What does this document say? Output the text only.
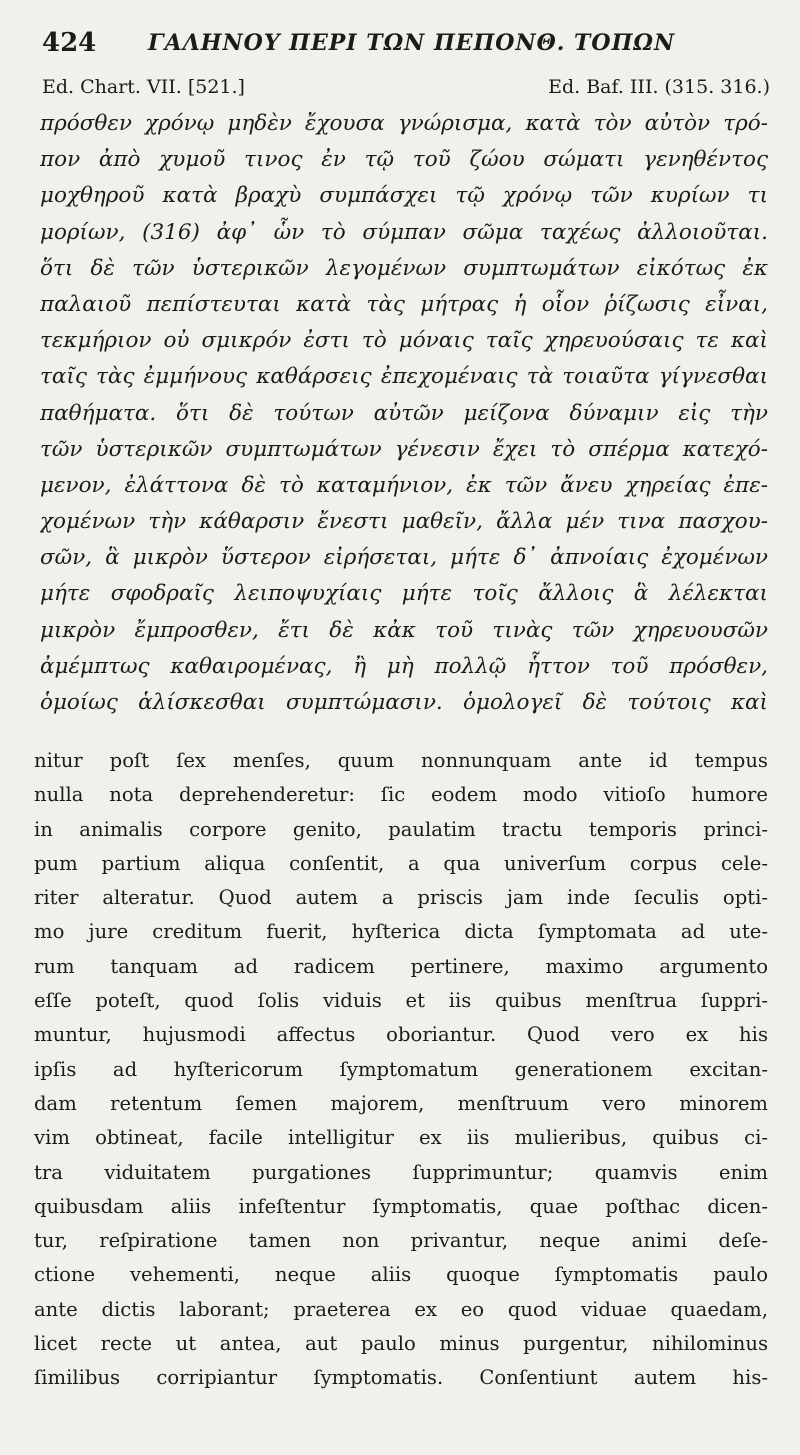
424 ΓΑΛΗΝΟΥ ΠΕΡΙ ΤΩΝ ΠΕΠΟΝΘ. ΤΟΠΩΝ
Ed. Chart. VII. [521.]	Ed. Baf. III. (315. 316.)
πρόσθεν χρόνῳ μηδὲν ἔχουσα γνώρισμα, κατὰ τὸν αὐτὸν τρό-
πον ἀπὸ χυμοῦ τινος ἐν τῷ τοῦ ζώου σώματι γενηθέντος
μοχθηροῦ κατὰ βραχὺ συμπάσχει τῷ χρόνῳ τῶν κυρίων τι
μορίων, (316) ἀφ᾽ ὧν τὸ σύμπαν σῶμα ταχέως ἀλλοιοῦται.
ὅτι δὲ τῶν ὑστερικῶν λεγομένων συμπτωμάτων εἰκότως ἐκ
παλαιοῦ πεπίστευται κατὰ τὰς μήτρας ἡ οἷον ῥίζωσις εἶναι,
τεκμήριον οὐ σμικρόν ἐστι τὸ μόναις ταῖς χηρευούσαις τε καὶ
ταῖς τὰς ἐμμήνους καθάρσεις ἐπεχομέναις τὰ τοιαῦτα γίγνεσθαι
παθήματα. ὅτι δὲ τούτων αὐτῶν μείζονα δύναμιν εἰς τὴν
τῶν ὑστερικῶν συμπτωμάτων γένεσιν ἔχει τὸ σπέρμα κατεχό-
μενον, ἐλάττονα δὲ τὸ καταμήνιον, ἐκ τῶν ἄνευ χηρείας ἐπε-
χομένων τὴν κάθαρσιν ἔνεστι μαθεῖν, ἄλλα μέν τινα πασχου-
σῶν, ἃ μικρὸν ὕστερον εἰρήσεται, μήτε δ᾽ ἀπνοίαις ἐχομένων
μήτε σφοδραῖς λειποψυχίαις μήτε τοῖς ἄλλοις ἃ λέλεκται
μικρὸν ἔμπροσθεν, ἔτι δὲ κἀκ τοῦ τινὰς τῶν χηρευουσῶν
ἀμέμπτως καθαιρομένας, ἢ μὴ πολλῷ ἧττον τοῦ πρόσθεν,
ὁμοίως ἁλίσκεσθαι συμπτώμασιν. ὁμολογεῖ δὲ τούτοις καὶ
nitur poſt ſex menſes, quum nonnunquam ante id tempus
nulla nota deprehenderetur: ſic eodem modo vitioſo humore
in animalis corpore genito, paulatim tractu temporis princi-
pum partium aliqua conſentit, a qua univerſum corpus cele-
riter alteratur. Quod autem a priscis jam inde ſeculis opti-
mo jure creditum fuerit, hyſterica dicta ſymptomata ad ute-
rum tanquam ad radicem pertinere, maximo argumento
eſſe poteſt, quod ſolis viduis et iis quibus menſtrua ſuppri-
muntur, hujusmodi affectus oboriantur. Quod vero ex his
ipſis ad hyſtericorum ſymptomatum generationem excitan-
dam retentum ſemen majorem, menſtruum vero minorem
vim obtineat, facile intelligitur ex iis mulieribus, quibus ci-
tra viduitatem purgationes ſupprimuntur; quamvis enim
quibusdam aliis infeſtentur ſymptomatis, quae poſthac dicen-
tur, reſpiratione tamen non privantur, neque animi deſe-
ctione vehementi, neque aliis quoque ſymptomatis paulo
ante dictis laborant; praeterea ex eo quod viduae quaedam,
licet recte ut antea, aut paulo minus purgentur, nihilominus
ſimilibus corripiantur ſymptomatis. Conſentiunt autem his-
